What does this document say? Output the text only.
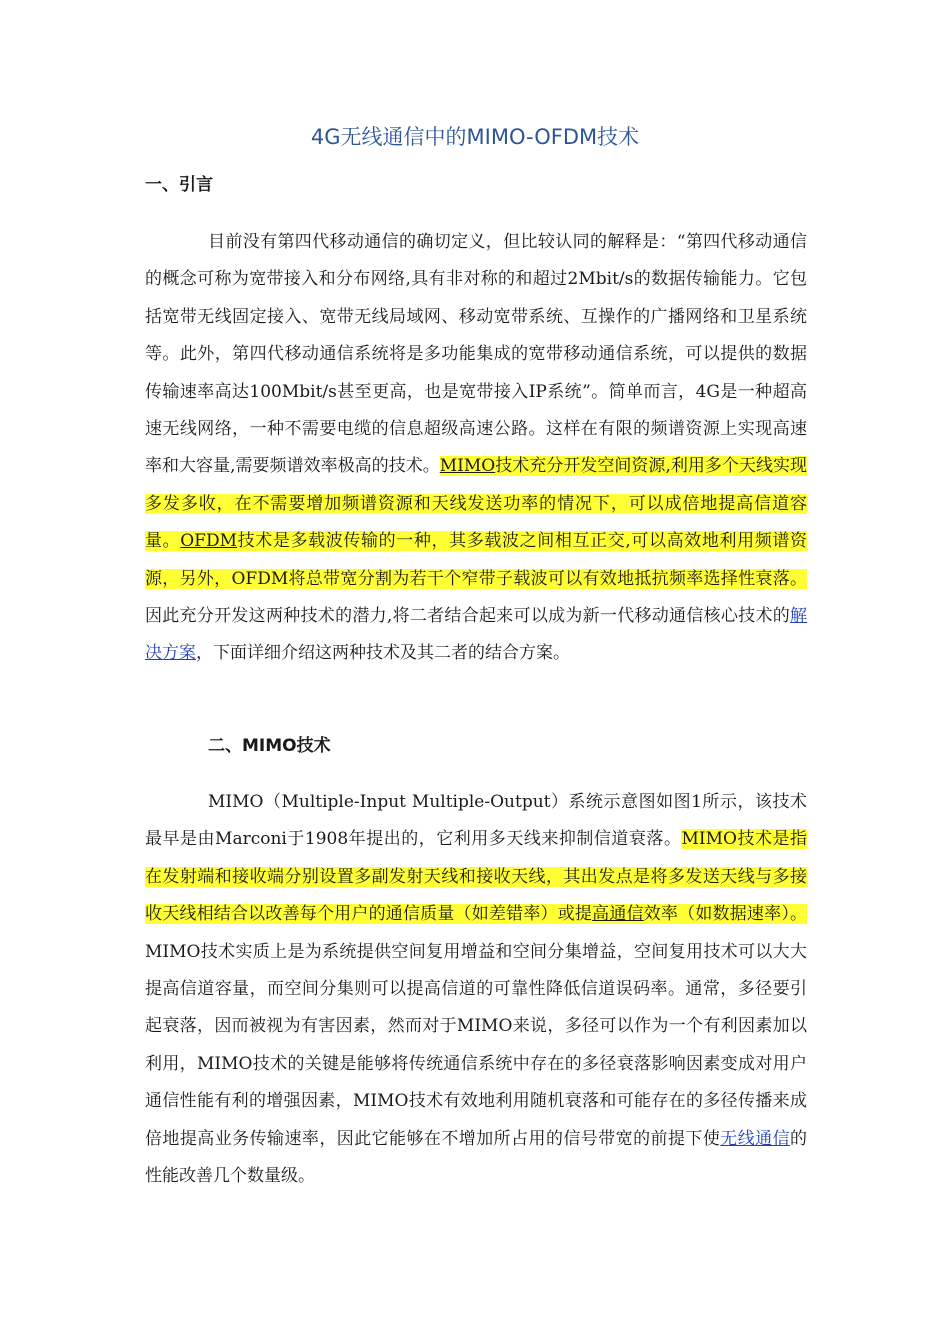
4G无线通信中的MIMO-OFDM技术
一、引言

目前没有第四代移动通信的确切定义，但比较认同的解释是：“第四代移动通信的概念可称为宽带接入和分布网络,具有非对称的和超过2Mbit/s的数据传输能力。它包括宽带无线固定接入、宽带无线局域网、移动宽带系统、互操作的广播网络和卫星系统等。此外，第四代移动通信系统将是多功能集成的宽带移动通信系统，可以提供的数据传输速率高达100Mbit/s甚至更高，也是宽带接入IP系统”。简单而言，4G是一种超高速无线网络，一种不需要电缆的信息超级高速公路。这样在有限的频谱资源上实现高速率和大容量,需要频谱效率极高的技术。MIMO技术充分开发空间资源,利用多个天线实现多发多收，在不需要增加频谱资源和天线发送功率的情况下，可以成倍地提高信道容量。OFDM技术是多载波传输的一种，其多载波之间相互正交,可以高效地利用频谱资源，另外，OFDM将总带宽分割为若干个窄带子载波可以有效地抵抗频率选择性衰落。因此充分开发这两种技术的潜力,将二者结合起来可以成为新一代移动通信核心技术的解决方案，下面详细介绍这两种技术及其二者的结合方案。

二、MIMO技术

MIMO（Multiple-Input Multiple-Output）系统示意图如图1所示，该技术最早是由Marconi于1908年提出的，它利用多天线来抑制信道衰落。MIMO技术是指在发射端和接收端分别设置多副发射天线和接收天线，其出发点是将多发送天线与多接收天线相结合以改善每个用户的通信质量（如差错率）或提高通信效率（如数据速率）。MIMO技术实质上是为系统提供空间复用增益和空间分集增益，空间复用技术可以大大提高信道容量，而空间分集则可以提高信道的可靠性降低信道误码率。通常，多径要引起衰落，因而被视为有害因素，然而对于MIMO来说，多径可以作为一个有利因素加以利用，MIMO技术的关键是能够将传统通信系统中存在的多径衰落影响因素变成对用户通信性能有利的增强因素，MIMO技术有效地利用随机衰落和可能存在的多径传播来成倍地提高业务传输速率，因此它能够在不增加所占用的信号带宽的前提下使无线通信的性能改善几个数量级。
